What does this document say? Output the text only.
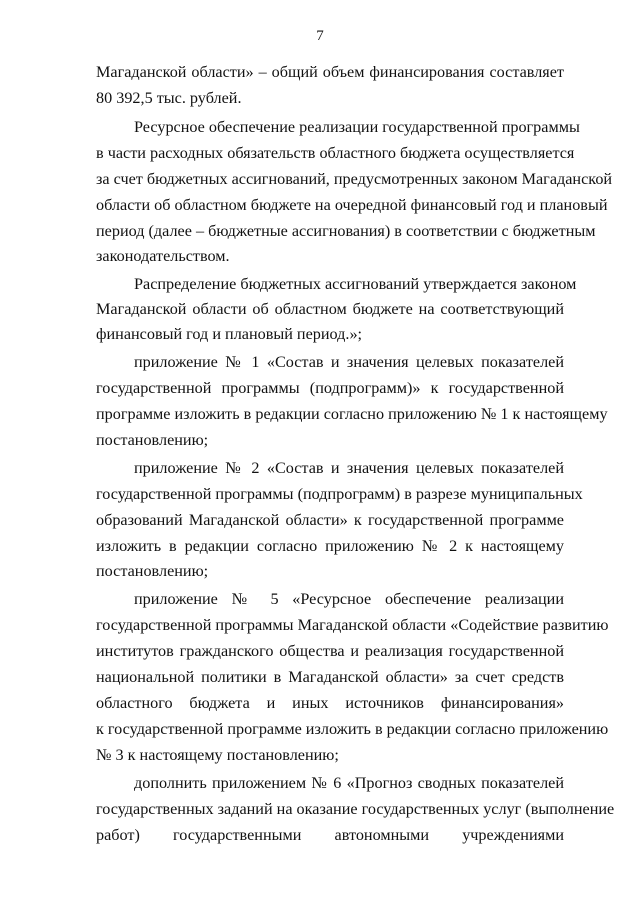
7
Магаданской области» – общий объем финансирования составляет
80 392,5 тыс. рублей.
Ресурсное обеспечение реализации государственной программы
в части расходных обязательств областного бюджета осуществляется
за счет бюджетных ассигнований, предусмотренных законом Магаданской
области об областном бюджете на очередной финансовый год и плановый
период (далее – бюджетные ассигнования) в соответствии с бюджетным
законодательством.
Распределение бюджетных ассигнований утверждается законом
Магаданской области об областном бюджете на соответствующий
финансовый год и плановый период.»;
приложение № 1 «Состав и значения целевых показателей
государственной программы (подпрограмм)» к государственной
программе изложить в редакции согласно приложению № 1 к настоящему
постановлению;
приложение № 2 «Состав и значения целевых показателей
государственной программы (подпрограмм) в разрезе муниципальных
образований Магаданской области» к государственной программе
изложить в редакции согласно приложению № 2 к настоящему
постановлению;
приложение № 5 «Ресурсное обеспечение реализации
государственной программы Магаданской области «Содействие развитию
институтов гражданского общества и реализация государственной
национальной политики в Магаданской области» за счет средств
областного бюджета и иных источников финансирования»
к государственной программе изложить в редакции согласно приложению
№ 3 к настоящему постановлению;
дополнить приложением № 6 «Прогноз сводных показателей
государственных заданий на оказание государственных услуг (выполнение
работ) государственными автономными учреждениями
